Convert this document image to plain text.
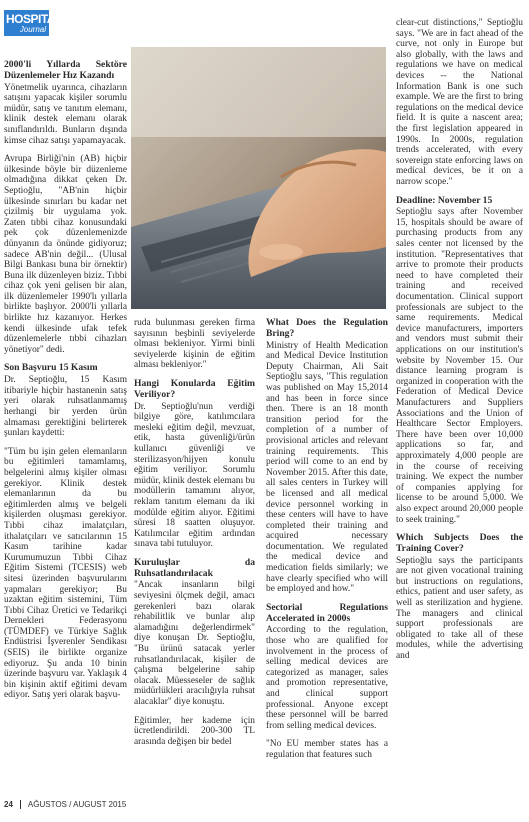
HOSPITAL
Journal
2000'li Yıllarda Sektöre Düzenlemeler Hız Kazandı

Yönetmelik uyarınca, cihazların satışını yapacak kişiler sorumlu müdür, satış ve tanıtım elemanı, klinik destek elemanı olarak sınıflandırıldı. Bunların dışında kimse cihaz satışı yapamayacak.

Avrupa Birliği'nin (AB) hiçbir ülkesinde böyle bir düzenleme olmadığına dikkat çeken Dr. Septioğlu, "AB'nin hiçbir ülkesinde sınırları bu kadar net çizilmiş bir uygulama yok. Zaten tıbbi cihaz konusundaki pek çok düzenlemenizde dünyanın da önünde gidiyoruz; sadece AB'nin değil... (Ulusal Bilgi Bankası buna bir örnektir) Buna ilk düzenleyen biziz. Tıbbi cihaz çok yeni gelisen bir alan, ilk düzenlemeler 1990'lı yıllarla birlikte başlıyor. 2000'li yıllarla birlikte hız kazanıyor. Herkes kendi ülkesinde ufak tefek düzenlemelerle tıbbi cihazları yönetiyor" dedi.

Son Başvuru 15 Kasım

Dr. Septioğlu, 15 Kasım itibariyle hiçbir hastanenin satış yeri olarak ruhsatlanmamış herhangi bir yerden ürün almaması gerektiğini belirterek şunları kaydetti:

"Tüm bu işin gelen elemanların bu eğitimleri tamamlamış, belgelerini almış kişiler olması gerekiyor. Klinik destek elemanlarının da bu eğitimlerden almış ve belgeli kişilerden oluşması gerekiyor. Tıbbi cihaz imalatçıları, ithalatçıları ve satıcılarının 15 Kasım tarihine kadar Kurumumuzun Tıbbi Cihaz Eğitim Sistemi (TCESIS) web sitesi üzerinden başvurularını yapmaları gerekiyor; Bu uzaktan eğitim sistemini, Tüm Tıbbi Cihaz Üretici ve Tedarikçi Dernekleri Federasyonu (TÜMDEF) ve Türkiye Sağlık Endüstrisi İşverenler Sendikası (SEIS) ile birlikte organize ediyoruz. Şu anda 10 binin üzerinde başvuru var. Yaklaşık 4 bin kişinin aktif eğitimi devam ediyor. Satış yeri olarak başvu-

ruda bulunması gereken firma sayısının beşbinli seviyelerde olması bekleniyor. Yirmi binli seviyelerde kişinin de eğitim alması bekleniyor."

Hangi Konularda Eğitim Veriliyor?

Dr. Septioğlu'nun verdiği bilgiye göre, katılımcılara mesleki eğitim değil, mevzuat, etik, hasta güvenliği/ürün kullanıcı güvenliği ve sterilizasyon/hijyen konulu eğitim veriliyor. Sorumlu müdür, klinik destek elemanı bu modüllerin tamamını alıyor, reklam tanıtım elemanı da iki modülde eğitim alıyor. Eğitimi süresi 18 saatten oluşuyor. Katılımcılar eğitim ardından sınava tabi tutuluyor.

Kuruluşlar da Ruhsatlandırılacak

"Ancak insanların bilgi seviyesini ölçmek değil, amacı gerekenleri bazı olarak rehabilitlik ve bunlar alıp alamadığını değerlendirmek" diye konuşan Dr. Septioğlu, "Bu ürünü satacak yerler ruhsatlandırılacak, kişiler de çalışma belgelerine sahip olacak. Müesseseler de sağlık müdürlükleri aracılığıyla ruhsat alacaklar" diye konuştu.

Eğitimler, her kademe için ücretlendirildi. 200-300 TL arasında değişen bir bedel

What Does the Regulation Bring?

Ministry of Health Medication and Medical Device Institution Deputy Chairman, Ali Sait Septioğlu says, "This regulation was published on May 15,2014 and has been in force since then. There is an 18 month transition period for the completion of a number of provisional articles and relevant training requirements. This period will come to an end by November 2015. After this date, all sales centers in Turkey will be licensed and all medical device personnel working in these centers will have to have completed their training and acquired necessary documentation. We regulated the medical device and medication fields similarly; we have clearly specified who will be employed and how."

Sectorial Regulations Accelerated in 2000s

According to the regulation, those who are qualified for involvement in the process of selling medical devices are categorized as manager, sales and promotion representative, and clinical support professional. Anyone except these personnel will be barred from selling medical devices.

"No EU member states has a regulation that features such

clear-cut distinctions," Septioğlu says. "We are in fact ahead of the curve, not only in Europe but also globally, with the laws and regulations we have on medical devices -- the National Information Bank is one such example. We are the first to bring regulations on the medical device field. It is quite a nascent area; the first legislation appeared in 1990s. In 2000s, regulation trends accelerated, with every sovereign state enforcing laws on medical devices, be it on a narrow scope."

Deadline: November 15

Septioğlu says after November 15, hospitals should be aware of purchasing products from any sales center not licensed by the institution. "Representatives that arrive to promote their products need to have completed their training and received documentation. Clinical support professionals are subject to the same requirements. Medical device manufacturers, importers and vendors must submit their applications on our institution's website by November 15. Our distance learning program is organized in cooperation with the Federation of Medical Device Manufacturers and Suppliers Associations and the Union of Healthcare Sector Employers. There have been over 10,000 applications so far, and approximately 4,000 people are in the course of receiving training. We expect the number of companies applying for license to be around 5,000. We also expect around 20,000 people to seek training."

Which Subjects Does the Training Cover?

Septioğlu says the participants are not given vocational training but instructions on regulations, ethics, patient and user safety, as well as sterilization and hygiene. The managers and clinical support professionals are obligated to take all of these modules, while the advertising and

24 AĞUSTOS / AUGUST 2015
